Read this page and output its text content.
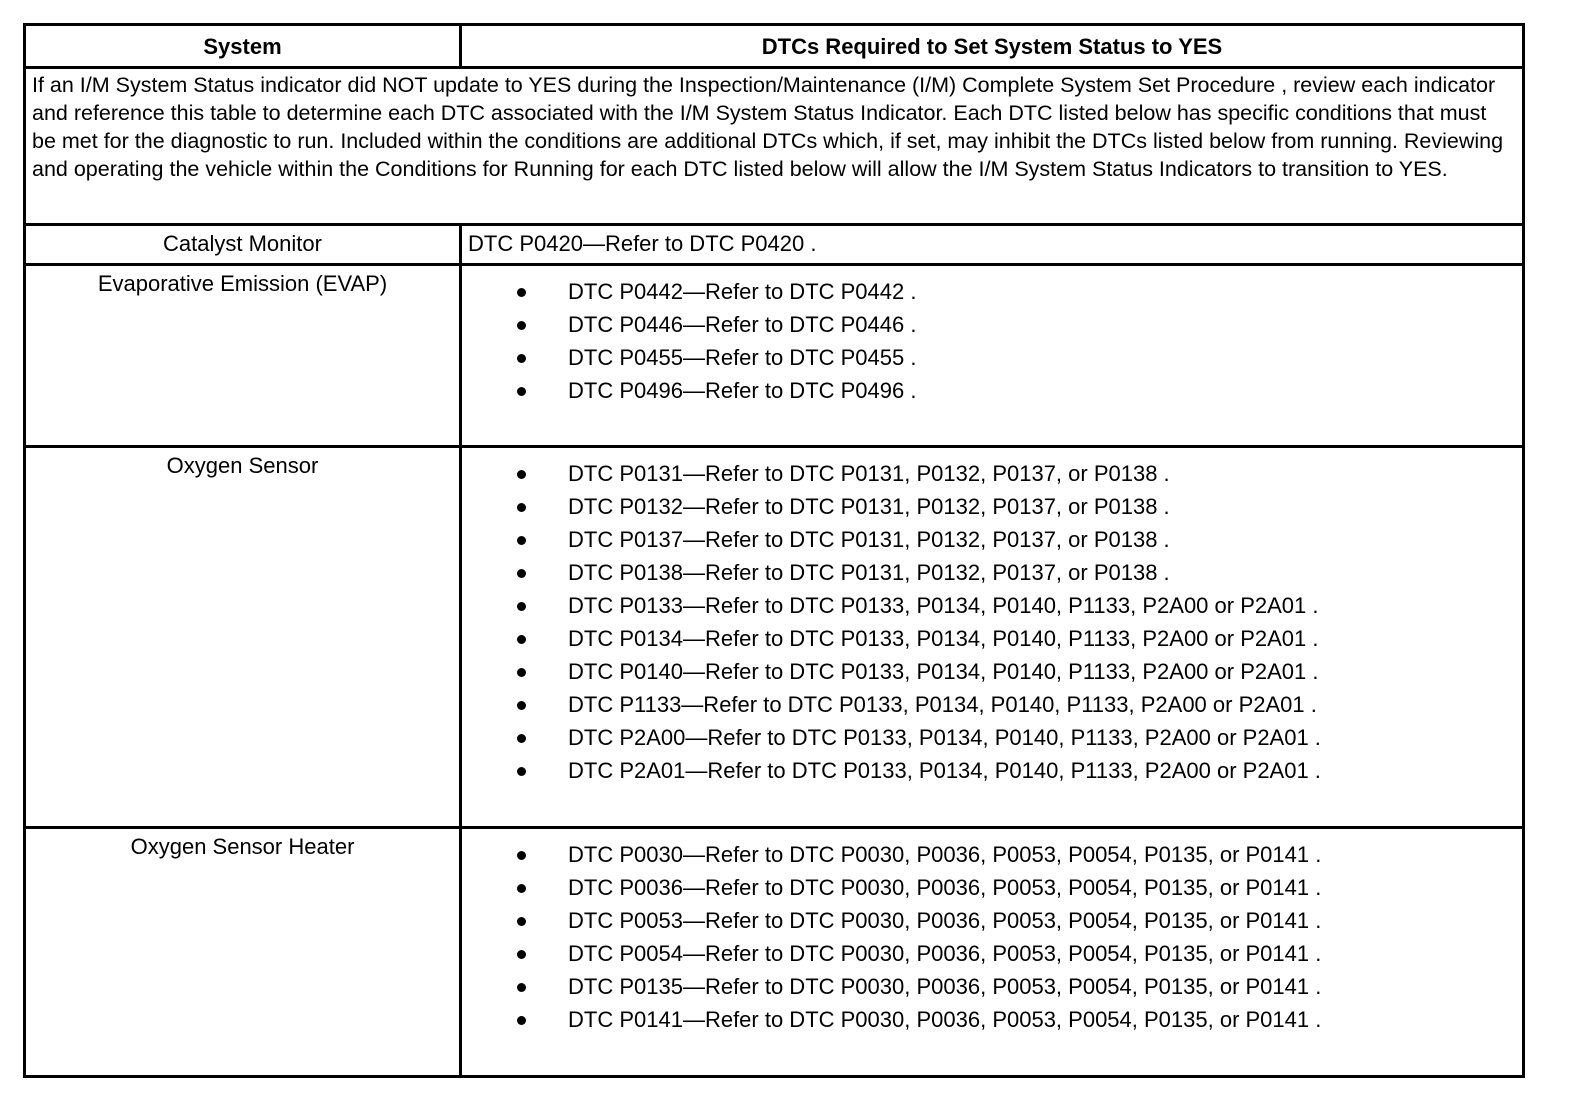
System	DTCs Required to Set System Status to YES
If an I/M System Status indicator did NOT update to YES during the Inspection/Maintenance (I/M) Complete System Set Procedure , review each indicator and reference this table to determine each DTC associated with the I/M System Status Indicator. Each DTC listed below has specific conditions that must be met for the diagnostic to run. Included within the conditions are additional DTCs which, if set, may inhibit the DTCs listed below from running. Reviewing and operating the vehicle within the Conditions for Running for each DTC listed below will allow the I/M System Status Indicators to transition to YES.
Catalyst Monitor	DTC P0420—Refer to DTC P0420 .
Evaporative Emission (EVAP)	DTC P0442—Refer to DTC P0442 .
DTC P0446—Refer to DTC P0446 .
DTC P0455—Refer to DTC P0455 .
DTC P0496—Refer to DTC P0496 .
Oxygen Sensor	DTC P0131—Refer to DTC P0131, P0132, P0137, or P0138 .
DTC P0132—Refer to DTC P0131, P0132, P0137, or P0138 .
DTC P0137—Refer to DTC P0131, P0132, P0137, or P0138 .
DTC P0138—Refer to DTC P0131, P0132, P0137, or P0138 .
DTC P0133—Refer to DTC P0133, P0134, P0140, P1133, P2A00 or P2A01 .
DTC P0134—Refer to DTC P0133, P0134, P0140, P1133, P2A00 or P2A01 .
DTC P0140—Refer to DTC P0133, P0134, P0140, P1133, P2A00 or P2A01 .
DTC P1133—Refer to DTC P0133, P0134, P0140, P1133, P2A00 or P2A01 .
DTC P2A00—Refer to DTC P0133, P0134, P0140, P1133, P2A00 or P2A01 .
DTC P2A01—Refer to DTC P0133, P0134, P0140, P1133, P2A00 or P2A01 .
Oxygen Sensor Heater	DTC P0030—Refer to DTC P0030, P0036, P0053, P0054, P0135, or P0141 .
DTC P0036—Refer to DTC P0030, P0036, P0053, P0054, P0135, or P0141 .
DTC P0053—Refer to DTC P0030, P0036, P0053, P0054, P0135, or P0141 .
DTC P0054—Refer to DTC P0030, P0036, P0053, P0054, P0135, or P0141 .
DTC P0135—Refer to DTC P0030, P0036, P0053, P0054, P0135, or P0141 .
DTC P0141—Refer to DTC P0030, P0036, P0053, P0054, P0135, or P0141 .
